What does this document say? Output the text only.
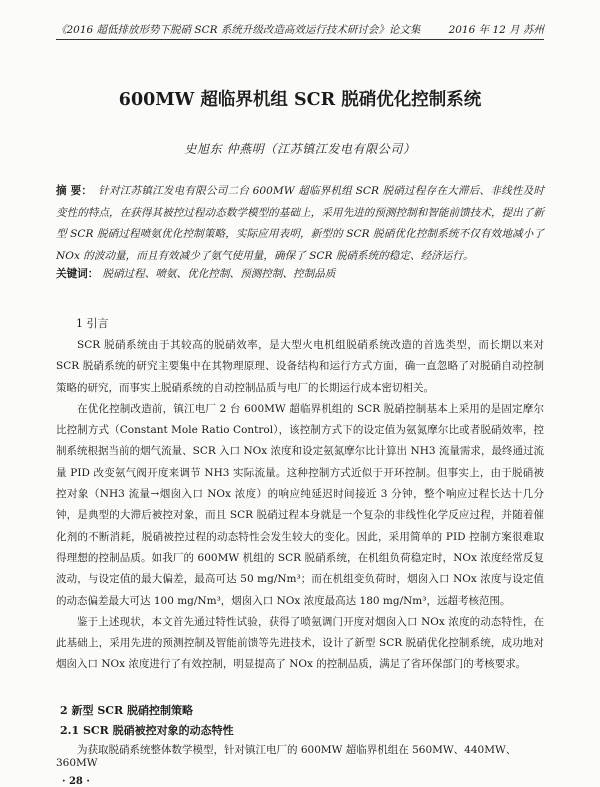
《2016 超低排放形势下脱硝 SCR 系统升级改造高效运行技术研讨会》论文集	2016 年 12 月 苏州
600MW 超临界机组 SCR 脱硝优化控制系统
史旭东 仲燕明（江苏镇江发电有限公司）
摘 要： 针对江苏镇江发电有限公司二台 600MW 超临界机组 SCR 脱硝过程存在大滞后、非线性及时变性的特点，在获得其被控过程动态数学模型的基础上，采用先进的预测控制和智能前馈技术，提出了新型 SCR 脱硝过程喷氨优化控制策略，实际应用表明，新型的 SCR 脱硝优化控制系统不仅有效地减小了 NOx 的波动量，而且有效减少了氨气使用量，确保了 SCR 脱硝系统的稳定、经济运行。
关键词： 脱硝过程、喷氨、优化控制、预测控制、控制品质
1 引言

SCR 脱硝系统由于其较高的脱硝效率，是大型火电机组脱硝系统改造的首选类型，而长期以来对 SCR 脱硝系统的研究主要集中在其物理原理、设备结构和运行方式方面，确一直忽略了对脱硝自动控制策略的研究，而事实上脱硝系统的自动控制品质与电厂的长期运行成本密切相关。

在优化控制改造前，镇江电厂 2 台 600MW 超临界机组的 SCR 脱硝控制基本上采用的是固定摩尔比控制方式（Constant Mole Ratio Control），该控制方式下的设定值为氨氮摩尔比或者脱硝效率，控制系统根据当前的烟气流量、SCR 入口 NOx 浓度和设定氨氮摩尔比计算出 NH3 流量需求，最终通过流量 PID 改变氨气阀开度来调节 NH3 实际流量。这种控制方式近似于开环控制。但事实上，由于脱硝被控对象（NH3 流量→烟囱入口 NOx 浓度）的响应纯延迟时间接近 3 分钟，整个响应过程长达十几分钟，是典型的大滞后被控对象，而且 SCR 脱硝过程本身就是一个复杂的非线性化学反应过程，并随着催化剂的不断消耗，脱硝被控过程的动态特性会发生较大的变化。因此，采用简单的 PID 控制方案很难取得理想的控制品质。如我厂的 600MW 机组的 SCR 脱硝系统，在机组负荷稳定时，NOx 浓度经常反复波动，与设定值的最大偏差，最高可达 50 mg/Nm³；而在机组变负荷时，烟囱入口 NOx 浓度与设定值的动态偏差最大可达 100 mg/Nm³，烟囱入口 NOx 浓度最高达 180 mg/Nm³，远超考核范围。

鉴于上述现状，本文首先通过特性试验，获得了喷氨调门开度对烟囱入口 NOx 浓度的动态特性，在此基础上，采用先进的预测控制及智能前馈等先进技术，设计了新型 SCR 脱硝优化控制系统，成功地对烟囱入口 NOx 浓度进行了有效控制，明显提高了 NOx 的控制品质，满足了省环保部门的考核要求。

2 新型 SCR 脱硝控制策略
2.1 SCR 脱硝被控对象的动态特性
为获取脱硝系统整体数学模型，针对镇江电厂的 600MW 超临界机组在 560MW、440MW、360MW
· 28 ·
